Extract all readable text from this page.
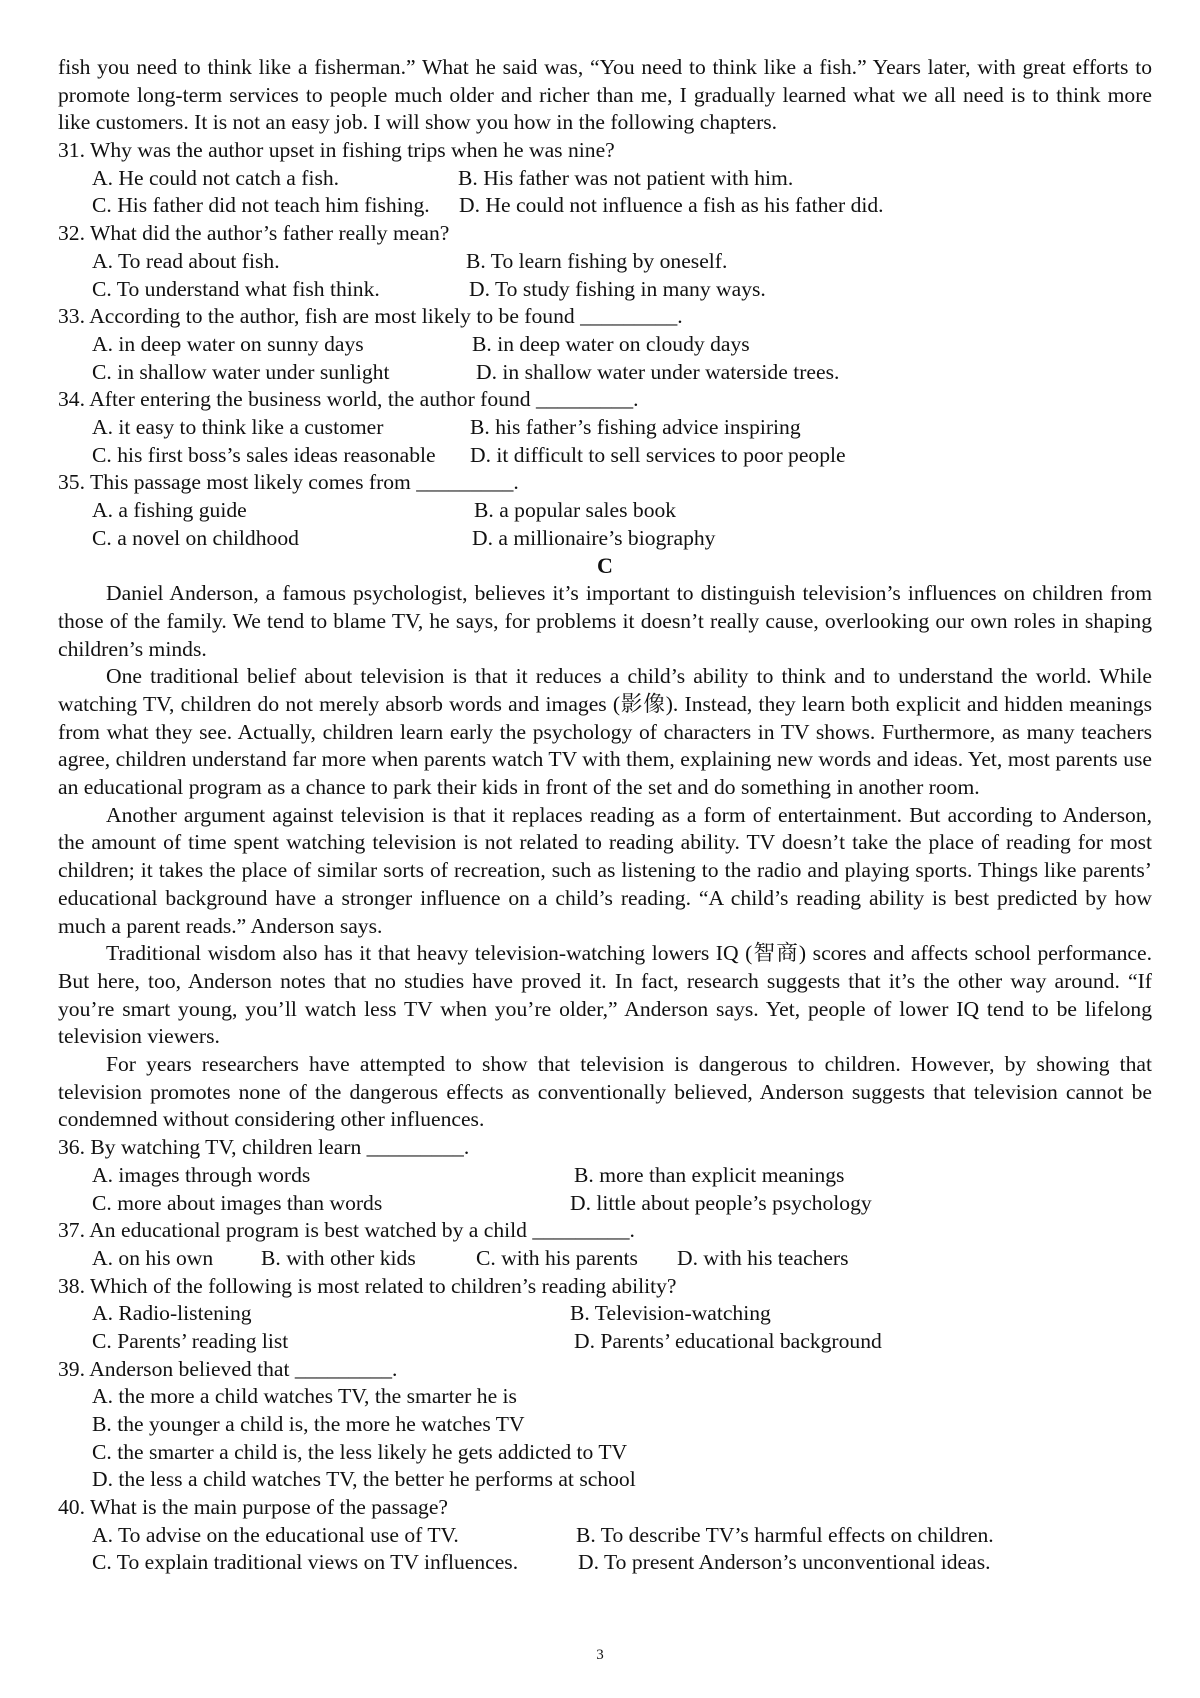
fish you need to think like a fisherman.” What he said was, “You need to think like a fish.” Years later, with great efforts to promote long-term services to people much older and richer than me, I gradually learned what we all need is to think more like customers. It is not an easy job. I will show you how in the following chapters.

31. Why was the author upset in fishing trips when he was nine?
A. He could not catch a fish.	B. His father was not patient with him.
C. His father did not teach him fishing. D. He could not influence a fish as his father did.
32. What did the author’s father really mean?
A. To read about fish.	B. To learn fishing by oneself.
C. To understand what fish think.	D. To study fishing in many ways.
33. According to the author, fish are most likely to be found _________.
A. in deep water on sunny days	B. in deep water on cloudy days
C. in shallow water under sunlight	D. in shallow water under waterside trees.
34. After entering the business world, the author found _________.
A. it easy to think like a customer	B. his father’s fishing advice inspiring
C. his first boss’s sales ideas reasonable D. it difficult to sell services to poor people
35. This passage most likely comes from _________.
A. a fishing guide	B. a popular sales book
C. a novel on childhood	D. a millionaire’s biography
C

Daniel Anderson, a famous psychologist, believes it’s important to distinguish television’s influences on children from those of the family. We tend to blame TV, he says, for problems it doesn’t really cause, overlooking our own roles in shaping children’s minds.

One traditional belief about television is that it reduces a child’s ability to think and to understand the world. While watching TV, children do not merely absorb words and images (影像). Instead, they learn both explicit and hidden meanings from what they see. Actually, children learn early the psychology of characters in TV shows. Furthermore, as many teachers agree, children understand far more when parents watch TV with them, explaining new words and ideas. Yet, most parents use an educational program as a chance to park their kids in front of the set and do something in another room.

Another argument against television is that it replaces reading as a form of entertainment. But according to Anderson, the amount of time spent watching television is not related to reading ability. TV doesn’t take the place of reading for most children; it takes the place of similar sorts of recreation, such as listening to the radio and playing sports. Things like parents’ educational background have a stronger influence on a child’s reading. “A child’s reading ability is best predicted by how much a parent reads.” Anderson says.

Traditional wisdom also has it that heavy television-watching lowers IQ (智商) scores and affects school performance. But here, too, Anderson notes that no studies have proved it. In fact, research suggests that it’s the other way around. “If you’re smart young, you’ll watch less TV when you’re older,” Anderson says. Yet, people of lower IQ tend to be lifelong television viewers.

For years researchers have attempted to show that television is dangerous to children. However, by showing that television promotes none of the dangerous effects as conventionally believed, Anderson suggests that television cannot be condemned without considering other influences.

36. By watching TV, children learn _________.
A. images through words	B. more than explicit meanings
C. more about images than words	D. little about people’s psychology
37. An educational program is best watched by a child _________.
A. on his own B. with other kids	C. with his parents D. with his teachers
38. Which of the following is most related to children’s reading ability?
A. Radio-listening	B. Television-watching
C. Parents’ reading list	D. Parents’ educational background
39. Anderson believed that _________.
A. the more a child watches TV, the smarter he is
B. the younger a child is, the more he watches TV
C. the smarter a child is, the less likely he gets addicted to TV
D. the less a child watches TV, the better he performs at school
40. What is the main purpose of the passage?
A. To advise on the educational use of TV.	B. To describe TV’s harmful effects on children.
C. To explain traditional views on TV influences.	D. To present Anderson’s unconventional ideas.
3
